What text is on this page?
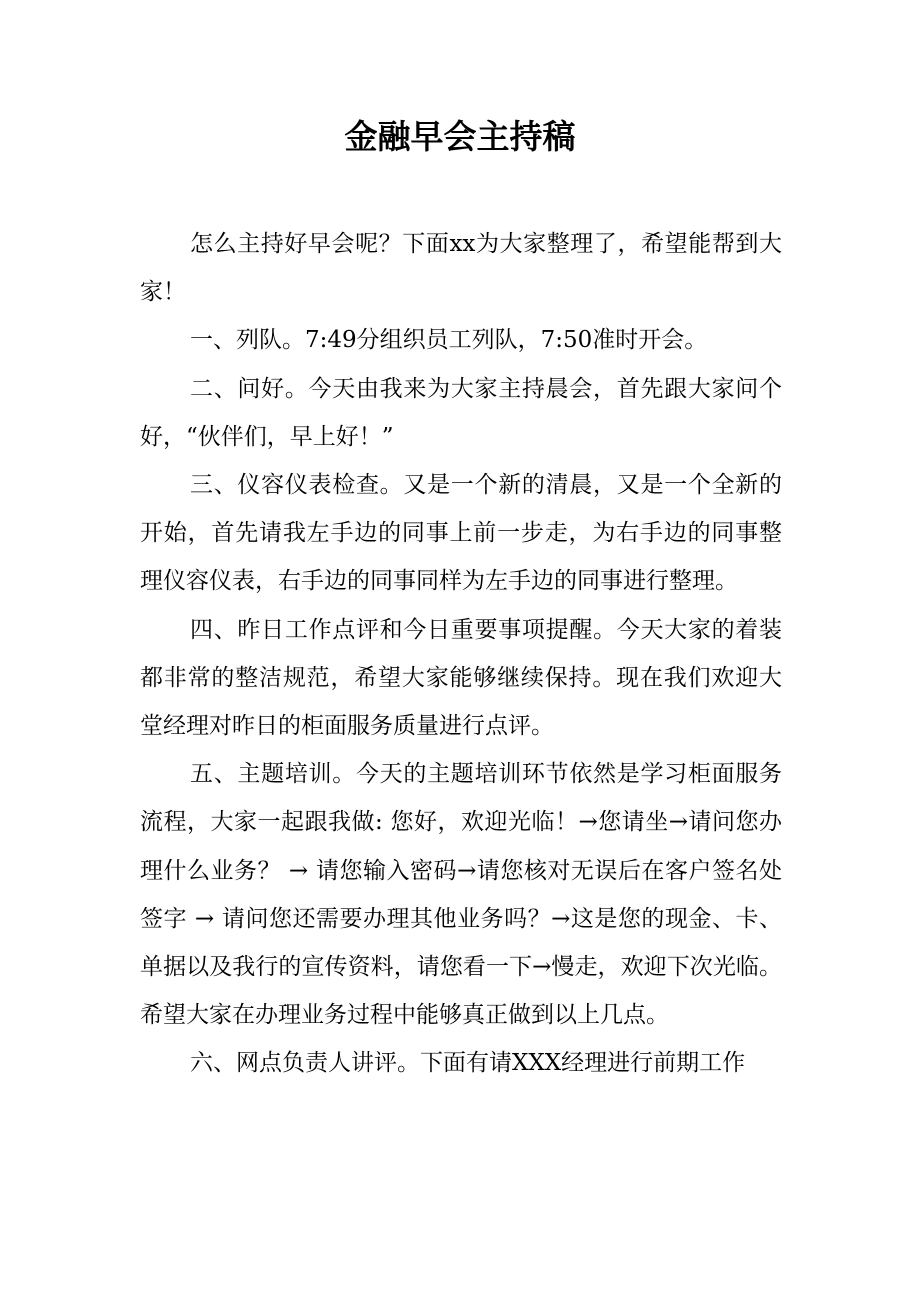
金融早会主持稿

怎么主持好早会呢？下面xx为大家整理了，希望能帮到大家！

一、列队。7:49分组织员工列队，7:50准时开会。

二、问好。今天由我来为大家主持晨会，首先跟大家问个好，“伙伴们，早上好！”

三、仪容仪表检查。又是一个新的清晨，又是一个全新的开始，首先请我左手边的同事上前一步走，为右手边的同事整理仪容仪表，右手边的同事同样为左手边的同事进行整理。

四、昨日工作点评和今日重要事项提醒。今天大家的着装都非常的整洁规范，希望大家能够继续保持。现在我们欢迎大堂经理对昨日的柜面服务质量进行点评。

五、主题培训。今天的主题培训环节依然是学习柜面服务流程，大家一起跟我做: 您好，欢迎光临！→您请坐→请问您办理什么业务？ → 请您输入密码→请您核对无误后在客户签名处签字 → 请问您还需要办理其他业务吗？→这是您的现金、卡、单据以及我行的宣传资料，请您看一下→慢走，欢迎下次光临。希望大家在办理业务过程中能够真正做到以上几点。

六、网点负责人讲评。下面有请XXX经理进行前期工作
